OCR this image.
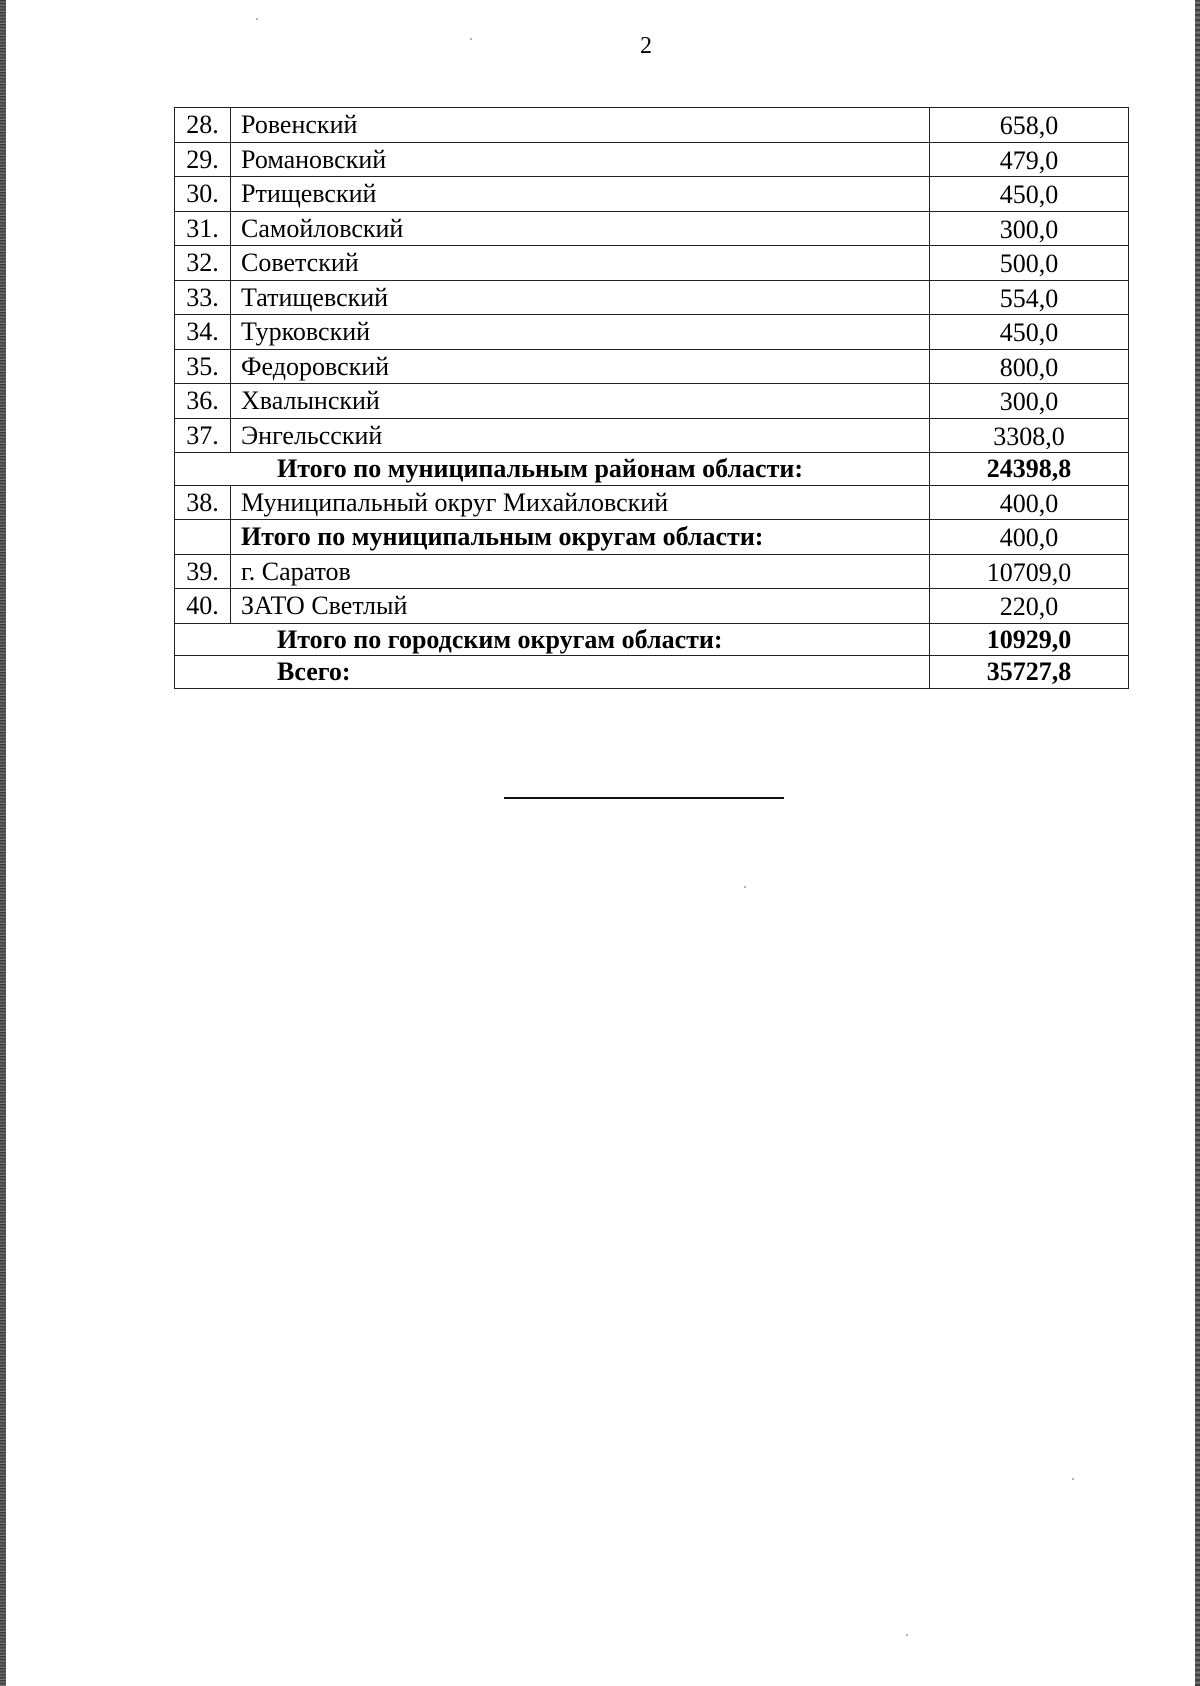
2
28.	Ровенский	658,0
29.	Романовский	479,0
30.	Ртищевский	450,0
31.	Самойловский	300,0
32.	Советский	500,0
33.	Татищевский	554,0
34.	Турковский	450,0
35.	Федоровский	800,0
36.	Хвалынский	300,0
37.	Энгельсский	3308,0
Итого по муниципальным районам области:		24398,8
38.	Муниципальный округ Михайловский	400,0
	Итого по муниципальным округам области:	400,0
39.	г. Саратов	10709,0
40.	ЗАТО Светлый	220,0
Итого по городским округам области:		10929,0
Всего:		35727,8
